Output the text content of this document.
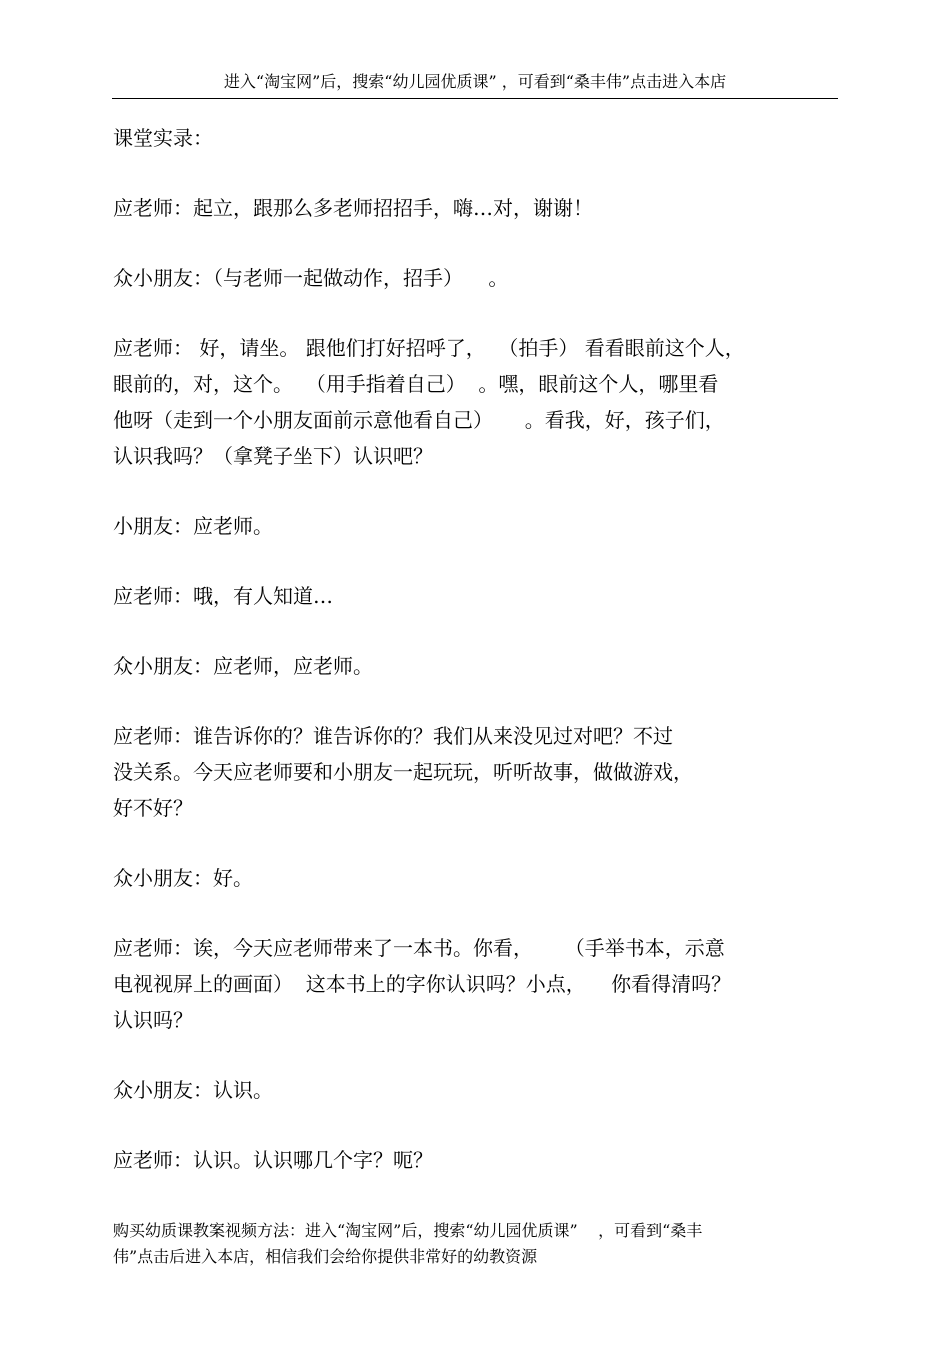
进入“淘宝网”后，搜索“幼儿园优质课” ，可看到“桑丰伟”点击进入本店
课堂实录：
应老师：起立，跟那么多老师招招手，嗨…对，谢谢！
众小朋友：（与老师一起做动作，招手）    。
应老师： 好，请坐。 跟他们打好招呼了，  （拍手） 看看眼前这个人，
眼前的，对，这个。  （用手指着自己）  。嘿，眼前这个人，哪里看
他呀（走到一个小朋友面前示意他看自己）     。看我，好，孩子们，
认识我吗？（拿凳子坐下）认识吧？
小朋友：应老师。
应老师：哦，有人知道…
众小朋友：应老师，应老师。
应老师：谁告诉你的？谁告诉你的？我们从来没见过对吧？不过
没关系。今天应老师要和小朋友一起玩玩，听听故事，做做游戏，
好不好？
众小朋友：好。
应老师：诶，今天应老师带来了一本书。你看，     （手举书本，示意
电视视屏上的画面）  这本书上的字你认识吗？小点，    你看得清吗？
认识吗？
众小朋友：认识。
应老师：认识。认识哪几个字？呃？
购买幼质课教案视频方法：进入“淘宝网”后，搜索“幼儿园优质课”    ，可看到“桑丰
伟”点击后进入本店，相信我们会给你提供非常好的幼教资源
